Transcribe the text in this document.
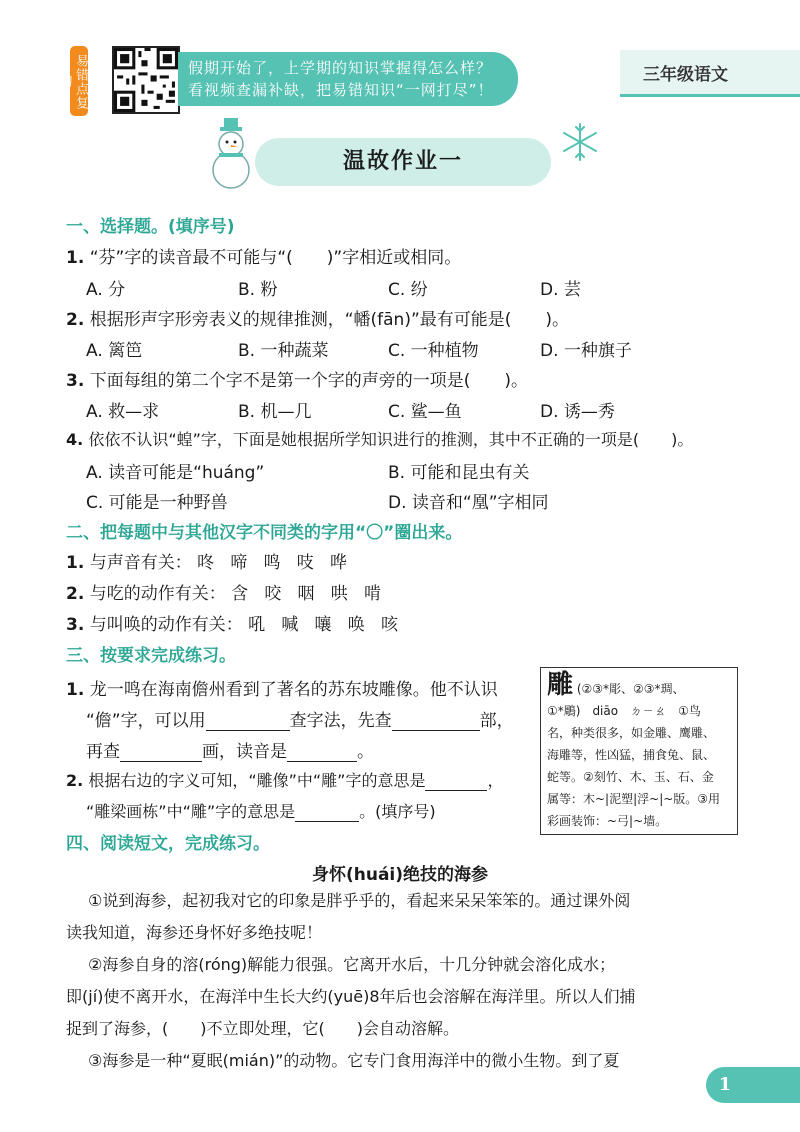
易错点复习
假期开始了，上学期的知识掌握得怎么样？
看视频查漏补缺，把易错知识“一网打尽”！
三年级语文
温故作业一
一、选择题。(填序号)
1. “芬”字的读音最不可能与“(　　)”字相近或相同。
A. 分	B. 粉	C. 纷	D. 芸
2. 根据形声字形旁表义的规律推测，“幡(fān)”最有可能是(　　)。
A. 篱笆	B. 一种蔬菜	C. 一种植物	D. 一种旗子
3. 下面每组的第二个字不是第一个字的声旁的一项是(　　)。
A. 救—求	B. 机—几	C. 鲨—鱼	D. 诱—秀
4. 依依不认识“蝗”字，下面是她根据所学知识进行的推测，其中不正确的一项是(　　)。
A. 读音可能是“huáng”	B. 可能和昆虫有关
C. 可能是一种野兽	D. 读音和“凰”字相同
二、把每题中与其他汉字不同类的字用“〇”圈出来。
1. 与声音有关： 咚 啼 鸣 吱 哗
2. 与吃的动作有关： 含 咬 咽 哄 啃
3. 与叫唤的动作有关： 吼 喊 嚷 唤 咳
三、按要求完成练习。
1. 龙一鸣在海南儋州看到了著名的苏东坡雕像。他不认识
“儋”字，可以用	查字法，先查	部，
再查	画，读音是	。
2. 根据右边的字义可知，“雕像”中“雕”字的意思是	，
“雕梁画栋”中“雕”字的意思是	。(填序号)
雕 (②③*彫、②③*琱、
①*鵰)　diāo　ㄉㄧㄠ　①鸟
名，种类很多，如金雕、鹰雕、
海雕等，性凶猛，捕食兔、鼠、
蛇等。②刻竹、木、玉、石、金
属等：木~|泥塑|浮~|~版。③用
彩画装饰：~弓|~墙。
四、阅读短文，完成练习。
身怀(huái)绝技的海参
①说到海参，起初我对它的印象是胖乎乎的，看起来呆呆笨笨的。通过课外阅
读我知道，海参还身怀好多绝技呢！
②海参自身的溶(róng)解能力很强。它离开水后，十几分钟就会溶化成水；
即(jí)使不离开水，在海洋中生长大约(yuē)8年后也会溶解在海洋里。所以人们捕
捉到了海参，(　　)不立即处理，它(　　)会自动溶解。
③海参是一种“夏眠(mián)”的动物。它专门食用海洋中的微小生物。到了夏
1
